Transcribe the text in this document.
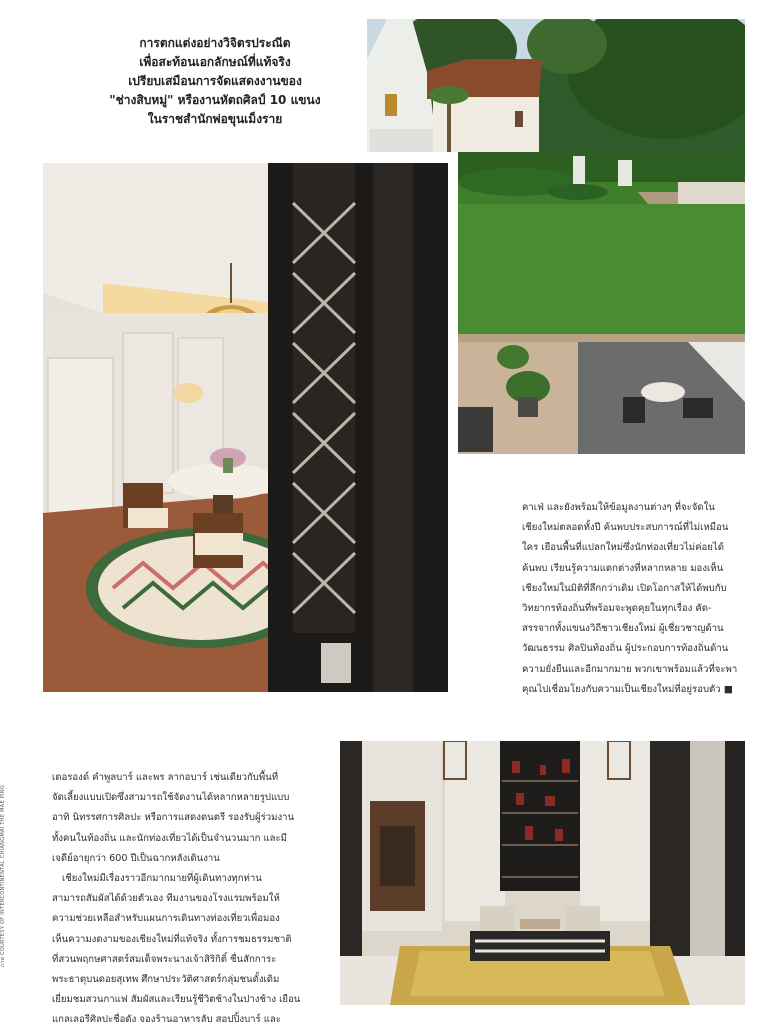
การตกแต่งอย่างวิจิตรประณีต
เพื่อสะท้อนเอกลักษณ์ที่แท้จริง
เปรียบเสมือนการจัดแสดงงานของ
"ช่างสิบหมู่" หรืองานหัตถศิลป์ 10 แขนง
ในราชสำนักพ่อขุนเม็งราย
คาเฟ่ และยังพร้อมให้ข้อมูลงานต่างๆ ที่จะจัดใน
เชียงใหม่ตลอดทั้งปี ค้นพบประสบการณ์ที่ไม่เหมือน
ใคร เยือนพื้นที่แปลกใหม่ซึ่งนักท่องเที่ยวไม่ค่อยได้
ค้นพบ เรียนรู้ความแตกต่างที่หลากหลาย มองเห็น
เชียงใหม่ในมิติที่ลึกกว่าเดิม เปิดโอกาสให้ได้พบกับ
วิทยากรท้องถิ่นที่พร้อมจะพูดคุยในทุกเรื่อง คัด-
สรรจากทั้งแขนงวิถีชาวเชียงใหม่ ผู้เชี่ยวชาญด้าน
วัฒนธรรม ศิลปินท้องถิ่น ผู้ประกอบการท้องถิ่นด้าน
ความยั่งยืนและอีกมากมาย พวกเขาพร้อมแล้วที่จะพา
คุณไปเชื่อมโยงกับความเป็นเชียงใหม่ที่อยู่รอบตัว ■
เดอรองด์ คำพูลบาร์ และพร ลากอบาร์ เช่นเดียวกับพื้นที่
จัดเลี้ยงแบบเปิดซึ่งสามารถใช้จัดงานได้หลากหลายรูปแบบ
อาทิ นิทรรศการศิลปะ หรือการแสดงดนตรี รองรับผู้ร่วมงาน
ทั้งคนในท้องถิ่น และนักท่องเที่ยวได้เป็นจำนวนมาก และมี
เจดีย์อายุกว่า 600 ปีเป็นฉากหลังเดินงาน
เชียงใหม่มีเรื่องราวอีกมากมายที่ผู้เดินทางทุกท่าน
สามารถสัมผัสได้ด้วยตัวเอง ทีมงานของโรงแรมพร้อมให้
ความช่วยเหลือสำหรับแผนการเดินทางท่องเที่ยวเพื่อมอง
เห็นความงดงามของเชียงใหม่ที่แท้จริง ทั้งการชมธรรมชาติ
ที่สวนพฤกษศาสตร์สมเด็จพระนางเจ้าสิริกิติ์ ชื่นสักการะ
พระธาตุบนดอยสุเทพ ศึกษาประวัติศาสตร์กลุ่มชนดั้งเดิม
เยี่ยมชมสวนกาแฟ สัมผัสและเรียนรู้ชีวิตช้างในปางช้าง เยือน
แกลเลอรีศิลปะชื่อดัง จองร้านอาหารลับ สอปปิ้งบาร์ และ
ภาพ COURTESY OF INTERCONTINENTAL CHIANGMAI THE MAE PING
